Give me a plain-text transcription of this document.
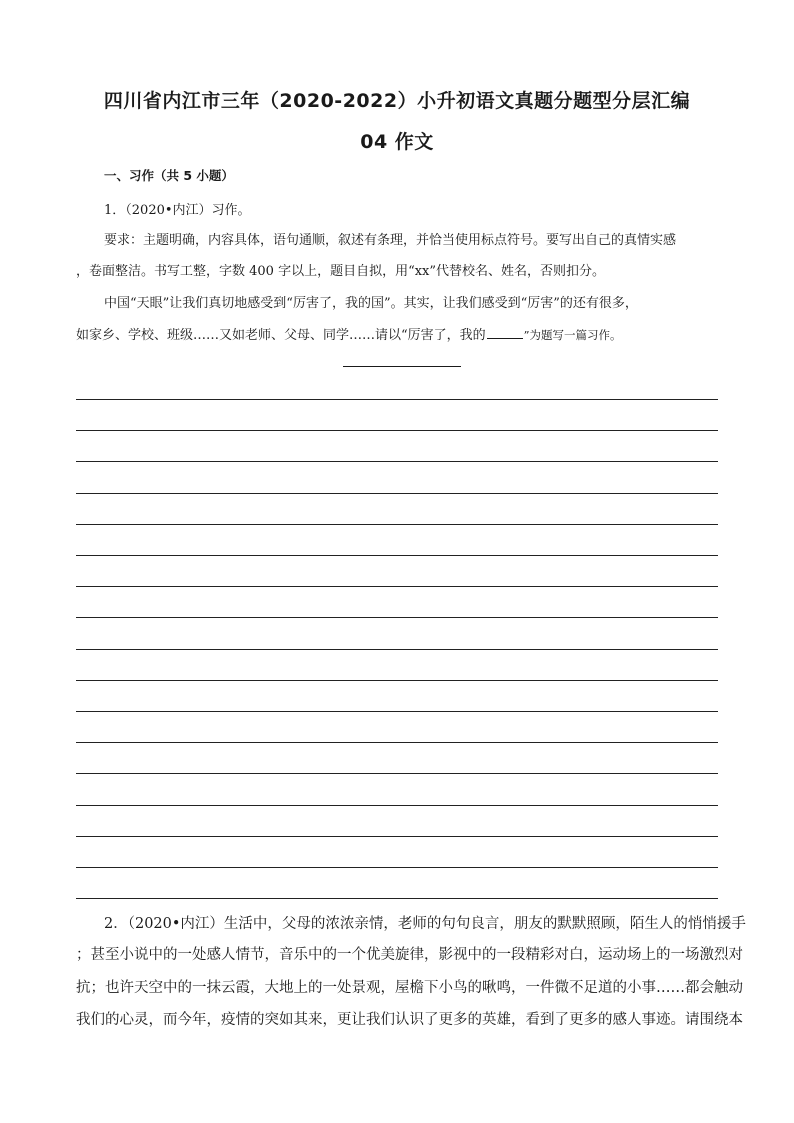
四川省内江市三年（2020-2022）小升初语文真题分题型分层汇编
04 作文
一、习作（共 5 小题）
1．（2020•内江）习作。
要求：主题明确，内容具体，语句通顺，叙述有条理，并恰当使用标点符号。要写出自己的真情实感
，卷面整洁。书写工整，字数 400 字以上，题目自拟，用“xx”代替校名、姓名，否则扣分。
中国“天眼”让我们真切地感受到“厉害了，我的国”。其实，让我们感受到“厉害”的还有很多，
如家乡、学校、班级……又如老师、父母、同学……请以“厉害了，我的	”为题写一篇习作。
2．（2020•内江）生活中，父母的浓浓亲情，老师的句句良言，朋友的默默照顾，陌生人的悄悄援手
；甚至小说中的一处感人情节，音乐中的一个优美旋律，影视中的一段精彩对白，运动场上的一场激烈对
抗；也许天空中的一抹云霞，大地上的一处景观，屋檐下小鸟的啾鸣，一件微不足道的小事……都会触动
我们的心灵，而今年，疫情的突如其来，更让我们认识了更多的英雄，看到了更多的感人事迹。请围绕本
